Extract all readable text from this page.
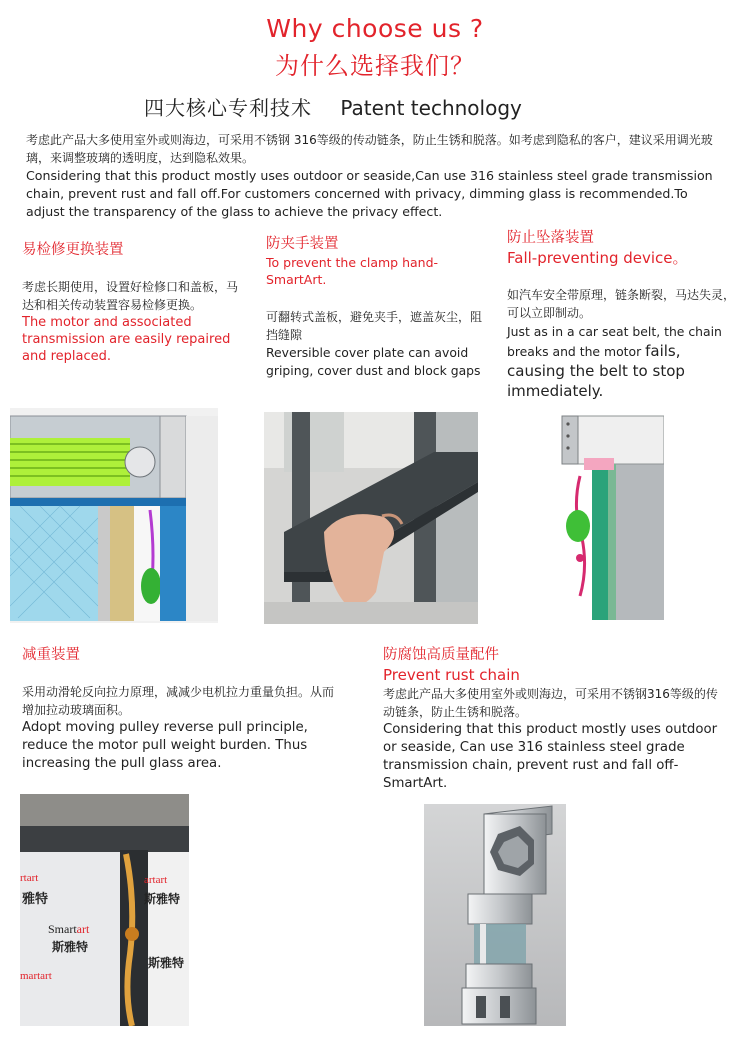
Why choose us ?
为什么选择我们？
四大核心专利技术 Patent technology

考虑此产品大多使用室外或则海边，可采用不锈钢 316等级的传动链条，防止生锈和脱落。如考虑到隐私的客户，建议采用调光玻璃，来调整玻璃的透明度，达到隐私效果。

Considering that this product mostly uses outdoor or seaside,Can use 316 stainless steel grade transmission chain, prevent rust and fall off.For customers concerned with privacy, dimming glass is recommended.To adjust the transparency of the glass to achieve the privacy effect.

易检修更换装置

考虑长期使用，设置好检修口和盖板，马达和相关传动装置容易检修更换。

The motor and associated transmission are easily repaired and replaced.

防夹手装置
To prevent the clamp hand-SmartArt.

可翻转式盖板，避免夹手，遮盖灰尘，阻挡缝隙

Reversible cover plate can avoid griping, cover dust and block gaps

防止坠落装置
Fall-preventing device。

如汽车安全带原理，链条断裂，马达失灵，可以立即制动。

Just as in a car seat belt, the chain breaks and the motor fails, causing the belt to stop immediately.

减重装置

采用动滑轮反向拉力原理，减减少电机拉力重量负担。从而增加拉动玻璃面积。

Adopt moving pulley reverse pull principle, reduce the motor pull weight burden. Thus increasing the pull glass area.

防腐蚀高质量配件
Prevent rust chain

考虑此产品大多使用室外或则海边，可采用不锈钢316等级的传动链条，防止生锈和脱落。

Considering that this product mostly uses outdoor or seaside, Can use 316 stainless steel grade transmission chain, prevent rust and fall off-SmartArt.

rtart
雅特
Smartart
斯雅特
artart
斯雅特
martart
斯雅特
